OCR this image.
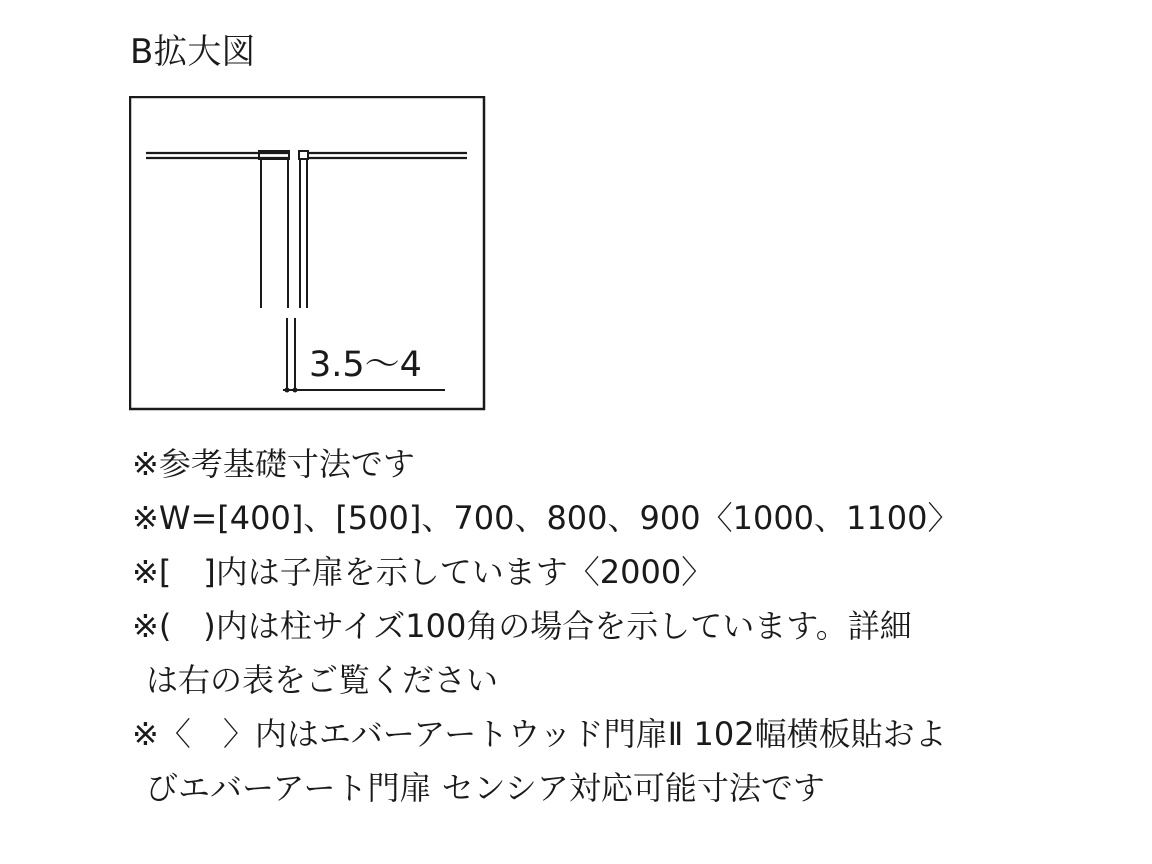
B拡大図
3.5〜4
※参考基礎寸法です
※W=[400]、[500]、700、800、900〈1000、1100〉
※[　]内は子扉を示しています〈2000〉
※(　)内は柱サイズ100角の場合を示しています。詳細
は右の表をご覧ください
※〈　〉内はエバーアートウッド門扉Ⅱ 102幅横板貼およ
びエバーアート門扉 センシア対応可能寸法です
